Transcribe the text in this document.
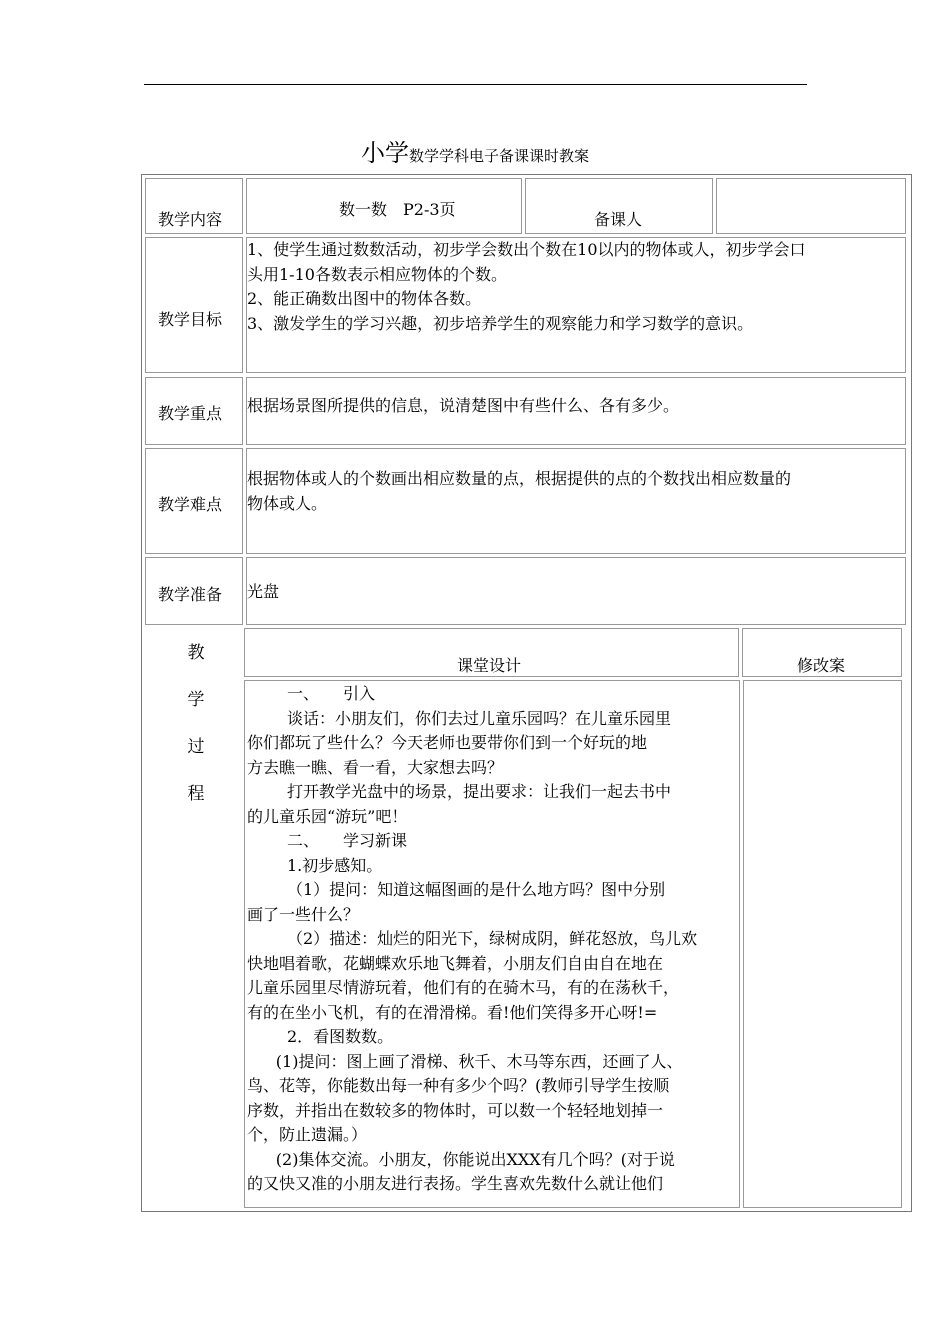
小学数学学科电子备课课时教案
教学内容
数一数　P2-3页
备课人
教学目标
1、使学生通过数数活动，初步学会数出个数在10以内的物体或人，初步学会口
头用1-10各数表示相应物体的个数。
2、能正确数出图中的物体各数。
3、激发学生的学习兴趣，初步培养学生的观察能力和学习数学的意识。
教学重点 根据场景图所提供的信息，说清楚图中有些什么、各有多少。
教学难点
根据物体或人的个数画出相应数量的点，根据提供的点的个数找出相应数量的
物体或人。
教学准备 光盘
教
学
过
程
课堂设计	修改案

一、　　引入

谈话：小朋友们，你们去过儿童乐园吗？在儿童乐园里

你们都玩了些什么？今天老师也要带你们到一个好玩的地

方去瞧一瞧、看一看，大家想去吗？

打开教学光盘中的场景，提出要求：让我们一起去书中

的儿童乐园“游玩”吧！

二、　　学习新课

1.初步感知。

（1）提问：知道这幅图画的是什么地方吗？图中分别

画了一些什么？

（2）描述：灿烂的阳光下，绿树成阴，鲜花怒放，鸟儿欢

快地唱着歌，花蝴蝶欢乐地飞舞着，小朋友们自由自在地在

儿童乐园里尽情游玩着，他们有的在骑木马，有的在荡秋千，

有的在坐小飞机，有的在滑滑梯。看!他们笑得多开心呀!=

2．看图数数。

(1)提问：图上画了滑梯、秋千、木马等东西，还画了人、

鸟、花等，你能数出每一种有多少个吗？(教师引导学生按顺

序数，并指出在数较多的物体时，可以数一个轻轻地划掉一

个，防止遗漏。）

(2)集体交流。小朋友，你能说出XXX有几个吗？(对于说

的又快又准的小朋友进行表扬。学生喜欢先数什么就让他们
